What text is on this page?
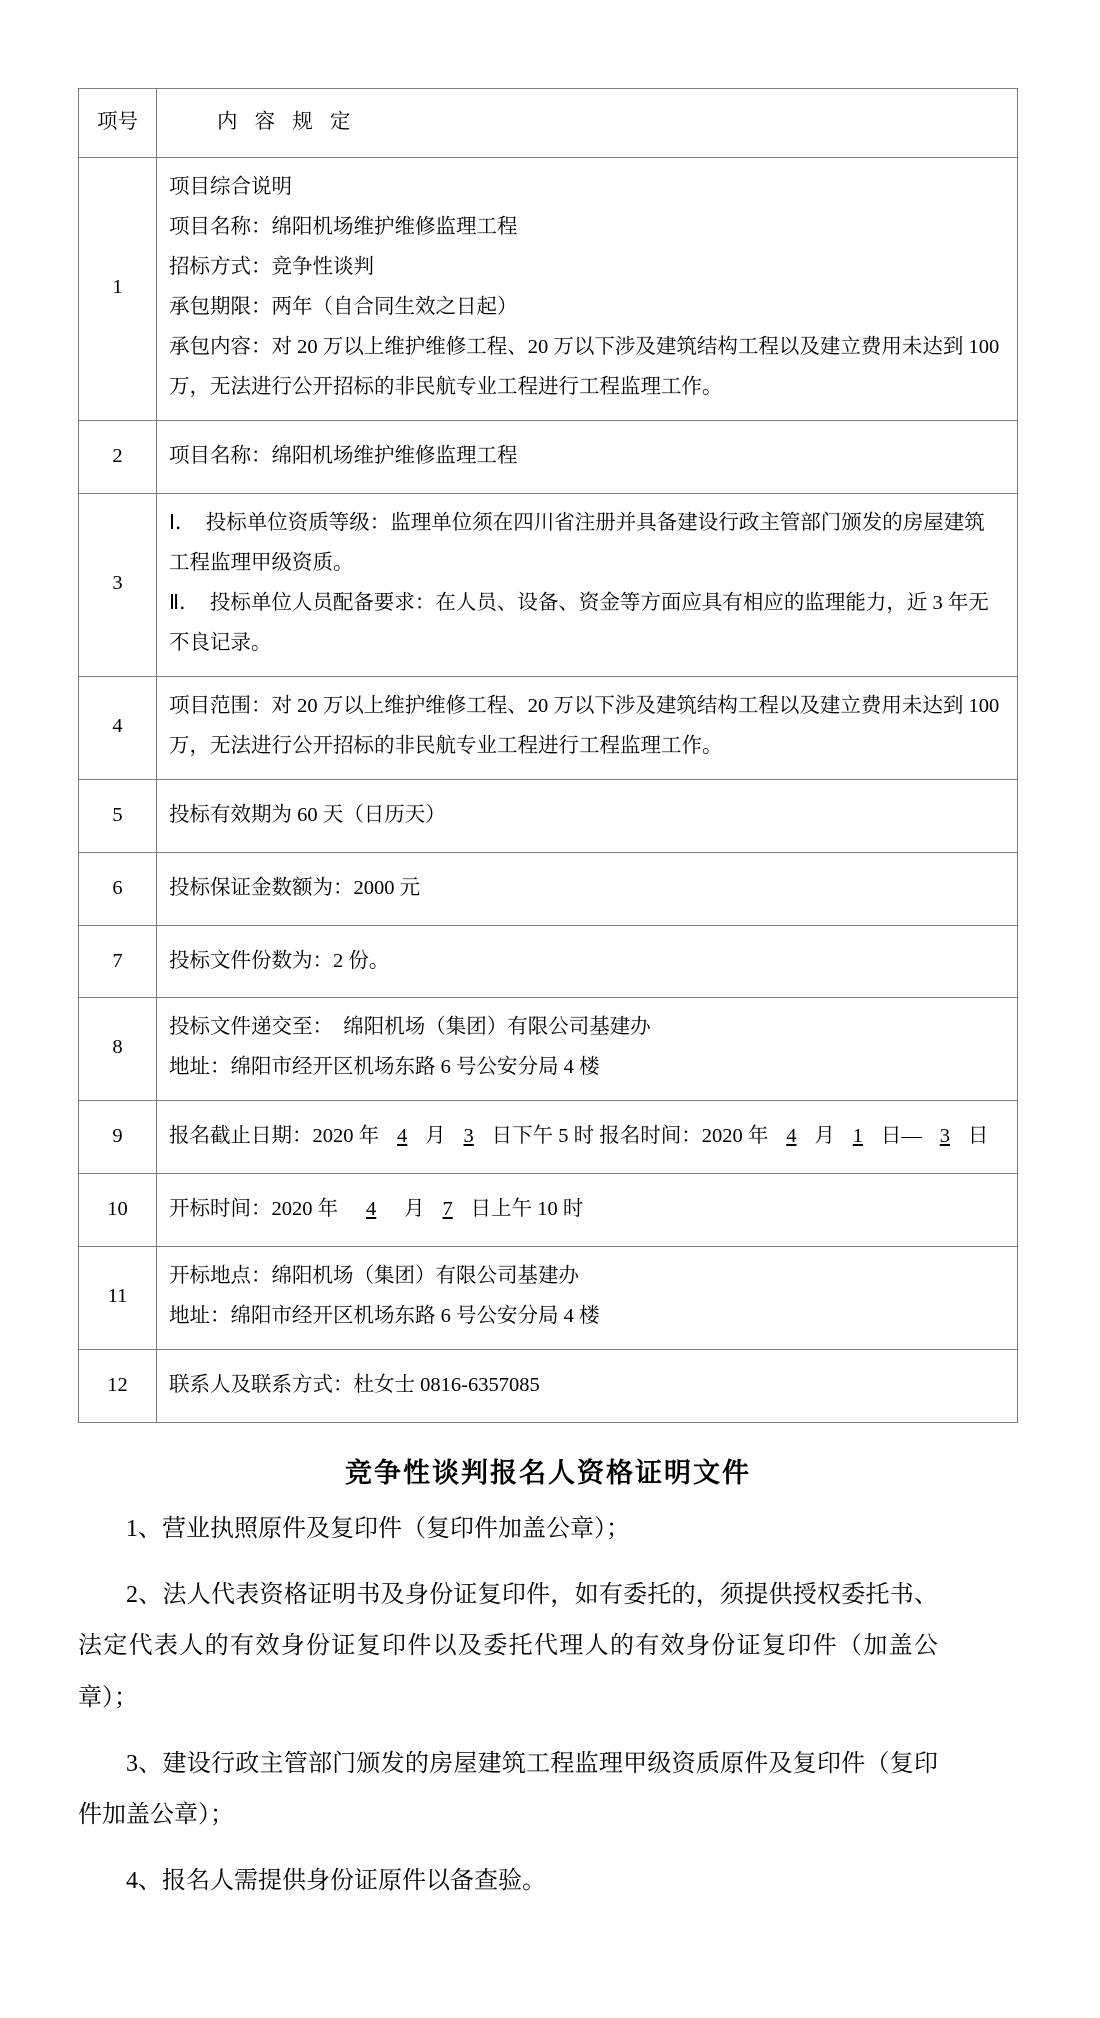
项号	内 容 规 定
1	项目综合说明
项目名称：绵阳机场维护维修监理工程
招标方式：竞争性谈判
承包期限：两年（自合同生效之日起）
承包内容：对 20 万以上维护维修工程、20 万以下涉及建筑结构工程以及建立费用未达到 100 万，无法进行公开招标的非民航专业工程进行工程监理工作。

2	项目名称：绵阳机场维护维修监理工程

3	Ⅰ．　投标单位资质等级：监理单位须在四川省注册并具备建设行政主管部门颁发的房屋建筑工程监理甲级资质。
Ⅱ．　投标单位人员配备要求：在人员、设备、资金等方面应具有相应的监理能力，近 3 年无不良记录。

4	项目范围：对 20 万以上维护维修工程、20 万以下涉及建筑结构工程以及建立费用未达到 100 万，无法进行公开招标的非民航专业工程进行工程监理工作。

5	投标有效期为 60 天（日历天）

6	投标保证金数额为：2000 元

7	投标文件份数为：2 份。

8	投标文件递交至：　绵阳机场（集团）有限公司基建办
地址：绵阳市经开区机场东路 6 号公安分局 4 楼

9	报名截止日期：2020 年 4 月 3 日下午 5 时 报名时间：2020 年 4 月 1 日— 3 日

10	开标时间：2020 年 4 月 7 日上午 10 时

11	开标地点：绵阳机场（集团）有限公司基建办
地址：绵阳市经开区机场东路 6 号公安分局 4 楼

12	联系人及联系方式：杜女士 0816-6357085
竞争性谈判报名人资格证明文件

1、营业执照原件及复印件（复印件加盖公章）；

2、法人代表资格证明书及身份证复印件，如有委托的，须提供授权委托书、法定代表人的有效身份证复印件以及委托代理人的有效身份证复印件（加盖公章）；

3、建设行政主管部门颁发的房屋建筑工程监理甲级资质原件及复印件（复印件加盖公章）；

4、报名人需提供身份证原件以备查验。
